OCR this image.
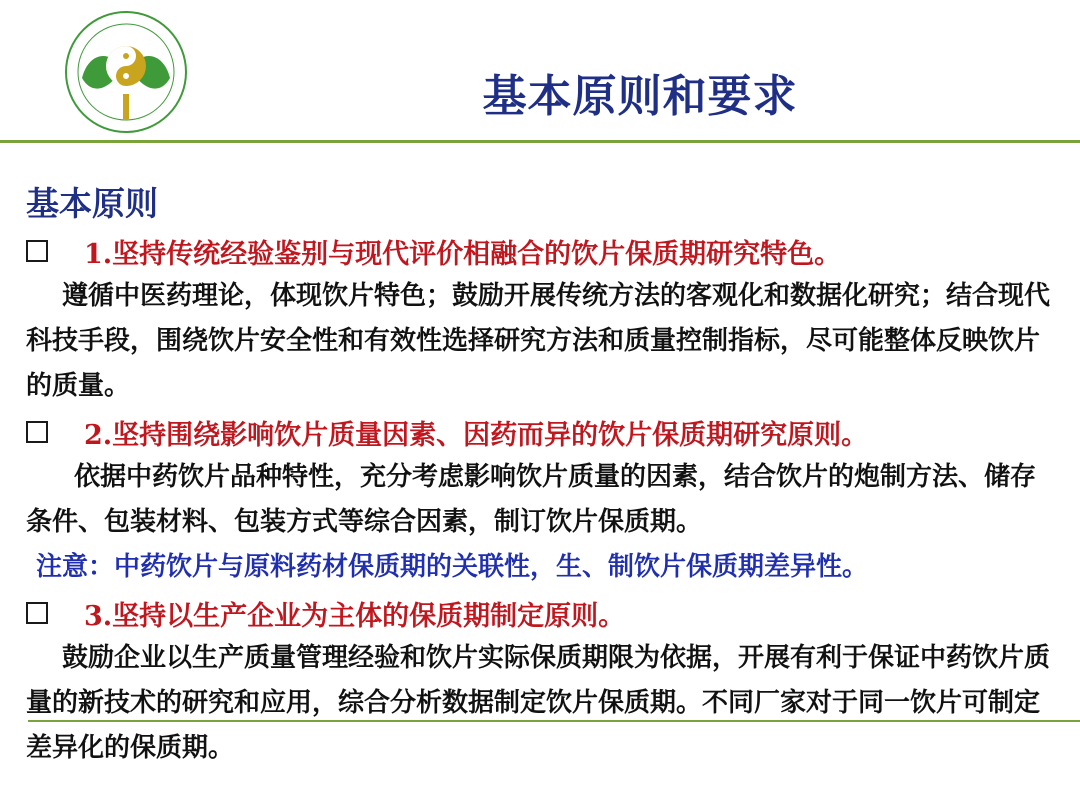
基本原则和要求
基本原则
1.坚持传统经验鉴别与现代评价相融合的饮片保质期研究特色。

遵循中医药理论，体现饮片特色；鼓励开展传统方法的客观化和数据化研究；结合现代科技手段，围绕饮片安全性和有效性选择研究方法和质量控制指标，尽可能整体反映饮片的质量。

2.坚持围绕影响饮片质量因素、因药而异的饮片保质期研究原则。

依据中药饮片品种特性，充分考虑影响饮片质量的因素，结合饮片的炮制方法、储存条件、包装材料、包装方式等综合因素，制订饮片保质期。

注意：中药饮片与原料药材保质期的关联性，生、制饮片保质期差异性。
3.坚持以生产企业为主体的保质期制定原则。

鼓励企业以生产质量管理经验和饮片实际保质期限为依据，开展有利于保证中药饮片质量的新技术的研究和应用，综合分析数据制定饮片保质期。不同厂家对于同一饮片可制定差异化的保质期。
